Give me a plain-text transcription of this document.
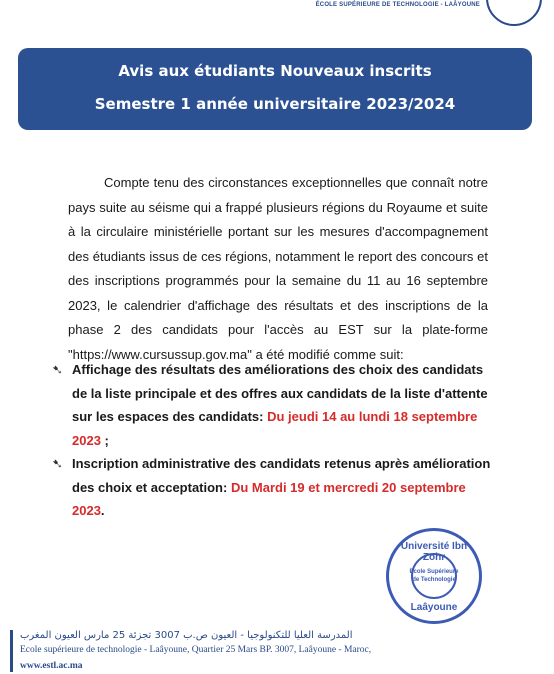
ÉCOLE SUPÉRIEURE DE TECHNOLOGIE - LAÂYOUNE
Avis aux étudiants Nouveaux inscrits
Semestre 1 année universitaire 2023/2024
Compte tenu des circonstances exceptionnelles que connaît notre pays suite au séisme qui a frappé plusieurs régions du Royaume et suite à la circulaire ministérielle portant sur les mesures d'accompagnement des étudiants issus de ces régions, notamment le report des concours et des inscriptions programmés pour la semaine du 11 au 16 septembre 2023, le calendrier d'affichage des résultats et des inscriptions de la phase 2 des candidats pour l'accès au EST sur la plate-forme "https://www.cursussup.gov.ma" a été modifié comme suit:
➷ Affichage des résultats des améliorations des choix des candidats de la liste principale et des offres aux candidats de la liste d'attente sur les espaces des candidats: Du jeudi 14 au lundi 18 septembre 2023 ;
➷ Inscription administrative des candidats retenus après amélioration des choix et acceptation: Du Mardi 19 et mercredi 20 septembre 2023.
Université Ibn Zohr
Ecole Supérieure
de Technologie
Laâyoune
المدرسة العليا للتكنولوجيا - العيون ص.ب 3007 تجزئة 25 مارس العيون المغرب
Ecole supérieure de technologie - Laâyoune, Quartier 25 Mars BP. 3007, Laâyoune - Maroc,
www.estl.ac.ma
